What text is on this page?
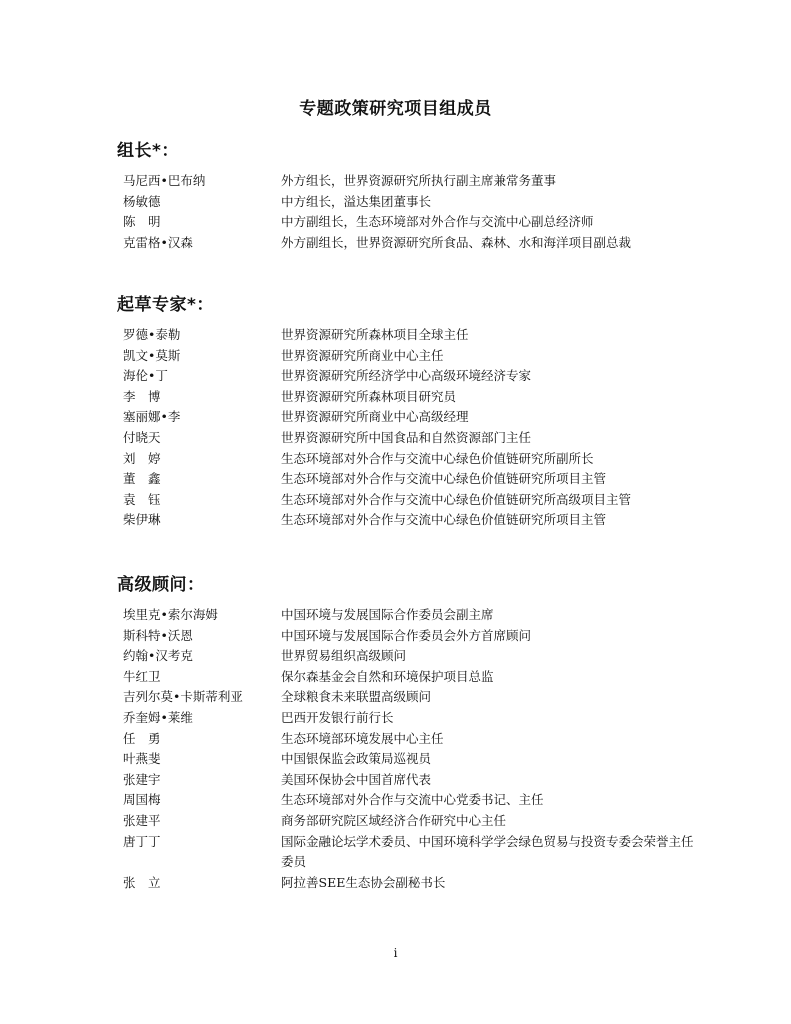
专题政策研究项目组成员
组长*：
马尼西•巴布纳	外方组长，世界资源研究所执行副主席兼常务董事
杨敏德	中方组长，溢达集团董事长
陈　明	中方副组长，生态环境部对外合作与交流中心副总经济师
克雷格•汉森	外方副组长，世界资源研究所食品、森林、水和海洋项目副总裁
起草专家*：
罗德•泰勒	世界资源研究所森林项目全球主任
凯文•莫斯	世界资源研究所商业中心主任
海伦•丁	世界资源研究所经济学中心高级环境经济专家
李　博	世界资源研究所森林项目研究员
塞丽娜•李	世界资源研究所商业中心高级经理
付晓天	世界资源研究所中国食品和自然资源部门主任
刘　婷	生态环境部对外合作与交流中心绿色价值链研究所副所长
董　鑫	生态环境部对外合作与交流中心绿色价值链研究所项目主管
袁　钰	生态环境部对外合作与交流中心绿色价值链研究所高级项目主管
柴伊琳	生态环境部对外合作与交流中心绿色价值链研究所项目主管
高级顾问：
埃里克•索尔海姆	中国环境与发展国际合作委员会副主席
斯科特•沃恩	中国环境与发展国际合作委员会外方首席顾问
约翰•汉考克	世界贸易组织高级顾问
牛红卫	保尔森基金会自然和环境保护项目总监
吉列尔莫•卡斯蒂利亚	全球粮食未来联盟高级顾问
乔奎姆•莱维	巴西开发银行前行长
任　勇	生态环境部环境发展中心主任
叶燕斐	中国银保监会政策局巡视员
张建宇	美国环保协会中国首席代表
周国梅	生态环境部对外合作与交流中心党委书记、主任
张建平	商务部研究院区域经济合作研究中心主任
唐丁丁	国际金融论坛学术委员、中国环境科学学会绿色贸易与投资专委会荣誉主任委员
张　立	阿拉善SEE生态协会副秘书长
i
